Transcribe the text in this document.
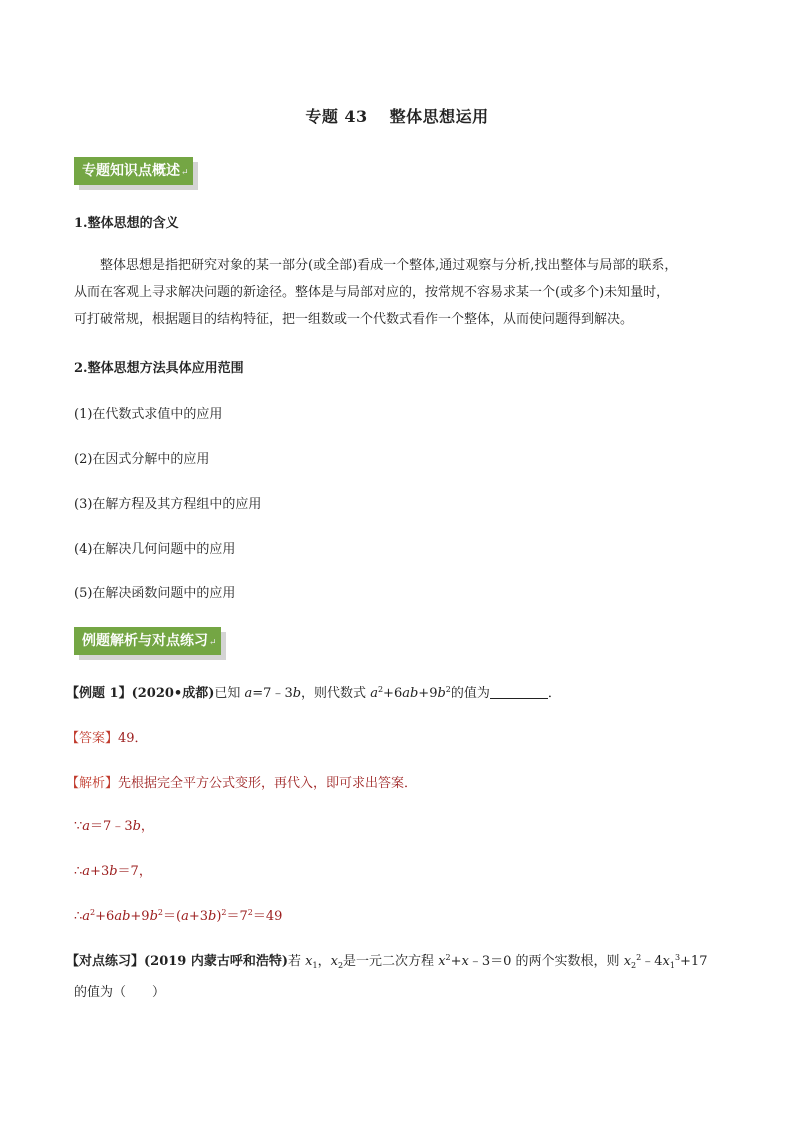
专题 43 整体思想运用
专题知识点概述↵
1.整体思想的含义
整体思想是指把研究对象的某一部分(或全部)看成一个整体,通过观察与分析,找出整体与局部的联系，
从而在客观上寻求解决问题的新途径。整体是与局部对应的，按常规不容易求某一个(或多个)未知量时，
可打破常规，根据题目的结构特征，把一组数或一个代数式看作一个整体，从而使问题得到解决。
2.整体思想方法具体应用范围
(1)在代数式求值中的应用
(2)在因式分解中的应用
(3)在解方程及其方程组中的应用
(4)在解决几何问题中的应用
(5)在解决函数问题中的应用
例题解析与对点练习↵
【例题 1】(2020•成都)已知 a=7﹣3b，则代数式 $a^2+6ab+9b^2$的值为	．
【答案】49．
【解析】先根据完全平方公式变形，再代入，即可求出答案．
∵a＝7﹣3b，
∴a+3b＝7，
$\therefore a^2+6ab+9b^2=(a+3b)^2=7^2=49$
【对点练习】(2019 内蒙古呼和浩特)若 $x_1$，$x_2$是一元二次方程 $x^2+x﹣3=0$ 的两个实数根，则 $x_2^2﹣4x_1^3+17$
的值为（　　）
